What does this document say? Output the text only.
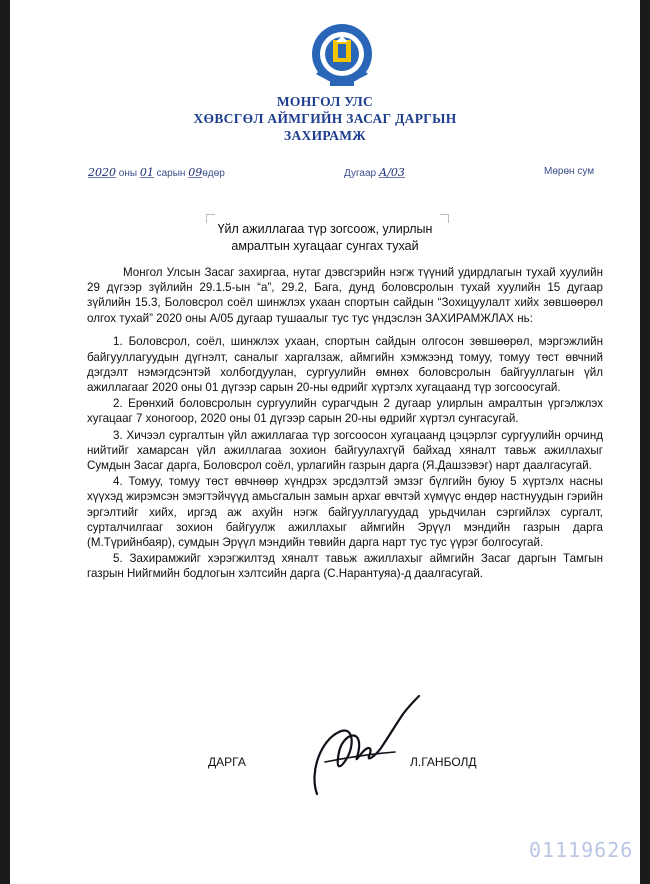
МОНГОЛ УЛС
ХӨВСГӨЛ АЙМГИЙН ЗАСАГ ДАРГЫН
ЗАХИРАМЖ
2020 оны 01 сарын 09өдөр	Дугаар А/03	Мөрөн сум
Үйл ажиллагаа түр зогсоож, улирлын
амралтын хугацааг сунгах тухай

Монгол Улсын Засаг захиргаа, нутаг дэвсгэрийн нэгж түүний удирдлагын тухай хуулийн 29 дүгээр зүйлийн 29.1.5-ын “а”, 29.2, Бага, дунд боловсролын тухай хуулийн 15 дугаар зүйлийн 15.3, Боловсрол соёл шинжлэх ухаан спортын сайдын “Зохицуулалт хийх зөвшөөрөл олгох тухай” 2020 оны А/05 дугаар тушаалыг тус тус үндэслэн ЗАХИРАМЖЛАХ нь:

1. Боловсрол, соёл, шинжлэх ухаан, спортын сайдын олгосон зөвшөөрөл, мэргэжлийн байгууллагуудын дүгнэлт, саналыг харгалзаж, аймгийн хэмжээнд томуу, томуу төст өвчний дэгдэлт нэмэгдсэнтэй холбогдуулан, сургуулийн өмнөх боловсролын байгууллагын үйл ажиллагааг 2020 оны 01 дүгээр сарын 20-ны өдрийг хүртэлх хугацаанд түр зогсоосугай.

2. Ерөнхий боловсролын сургуулийн сурагчдын 2 дугаар улирлын амралтын үргэлжлэх хугацааг 7 хоногоор, 2020 оны 01 дүгээр сарын 20-ны өдрийг хүртэл сунгасугай.

3. Хичээл сургалтын үйл ажиллагаа түр зогсоосон хугацаанд цэцэрлэг сургуулийн орчинд нийтийг хамарсан үйл ажиллагаа зохион байгуулахгүй байхад хяналт тавьж ажиллахыг Сумдын Засаг дарга, Боловсрол соёл, урлагийн газрын дарга (Я.Дашзэвэг) нарт даалгасугай.

4. Томуу, томуу төст өвчнөөр хүндрэх эрсдэлтэй эмзэг бүлгийн буюу 5 хүртэлх насны хүүхэд жирэмсэн эмэгтэйчүүд амьсгалын замын архаг өвчтэй хүмүүс өндөр настнуудын гэрийн эргэлтийг хийх, иргэд аж ахуйн нэгж байгууллагуудад урьдчилан сэргийлэх сургалт, сурталчилгааг зохион байгуулж ажиллахыг аймгийн Эрүүл мэндийн газрын дарга (М.Түрийнбаяр), сумдын Эрүүл мэндийн төвийн дарга нарт тус тус үүрэг болгосугай.

5. Захирамжийг хэрэгжилтэд хяналт тавьж ажиллахыг аймгийн Засаг даргын Тамгын газрын Нийгмийн бодлогын хэлтсийн дарга (С.Нарантуяа)-д даалгасугай.

ДАРГА	Л.ГАНБОЛД
01119626
